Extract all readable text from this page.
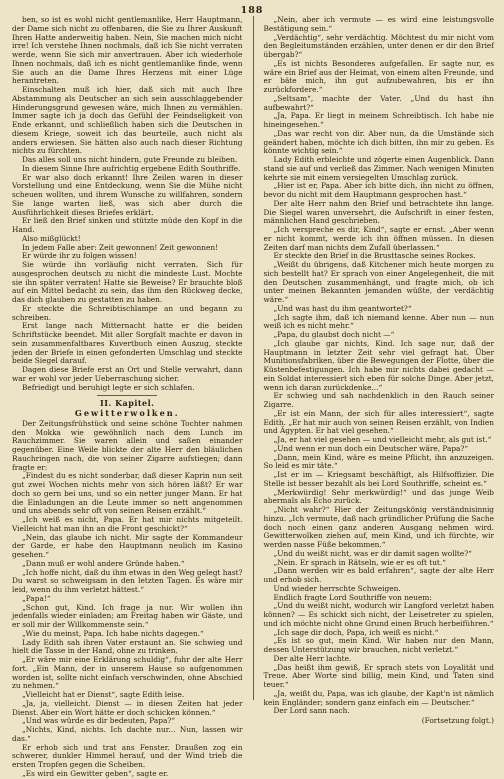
188

ben, so ist es wohl nicht gentlemanlike, Herr Hauptmann, der Dame sich nicht zu offenbaren, die Sie zu Ihrer Auskunft Ihren Hatte anderweitig haben. Nein, Sie machen mich nicht irre! Ich verstehe Ihnen nochmals, daß ich Sie nicht verraten werde, wenn Sie sich mir anvertrauen. Aber ich wiederhole Ihnen nochmals, daß ich es nicht gentlemanlike finde, wenn Sie auch an die Dame Ihres Herzens mit einer Lüge herantreten.

Einschalten muß ich hier, daß sich mit auch Ihre Abstammung als Deutscher an sich sein ausschlaggebender Hinderungsgrund gewesen wäre, mich Ihnen zu vermählen. Immer sagte ich ja doch das Gefühl der Feindseligkeit von Ende erkannt, und schließlich haben sich die Deutschen in diesem Kriege, soweit ich das beurteile, auch nicht als anders erwiesen. Sie hätten also auch nach dieser Richtung nichts zu fürchten.

Das alles soll uns nicht hindern, gute Freunde zu bleiben.

In diesem Sinne Ihre aufrichtig ergebene Edith Southriffe.

Er war also doch erkannt! Ihre Zeilen waren in dieser Vorstellung und eine Entdeckung, wenn Sie die Mühe nicht scheuen wollten, und ihrem Wunsche zu willfahren, sondern Sie lange warten ließ, was sich aber durch die Ausführlichkeit dieses Briefes erklärt.

Er ließ den Brief sinken und stützte müde den Kopf in die Hand.

Also mißglückt!

In jedem Falle aber: Zeit gewonnen! Zeit gewonnen!

Er würde ihr zu folgen wissen!

Sie würde ihn vorläufig nicht verraten. Sich für ausgesprochen deutsch zu nicht die mindeste Lust. Mochte sie ihn später verraten! Hatte sie Beweise? Er brauchte bloß auf ein Mittel bedacht zu sein, das ihm den Rückweg decke, das dich glauben zu gestatten zu haben.

Er steckte die Schreibtischlampe an und begann zu schreiben.

Erst lange nach Mitternacht hatte er die beiden Schriftstücke beendet. Mit aller Sorgfalt machte er davon in sein zusammenfaltbares Kuvertbuch einen Auszug, steckte jeden der Briefe in einen gefonderten Umschlag und steckte beide Siegel darauf.

Dagen diese Briefe erst an Ort und Stelle verwahrt, dann war er wohl vor jeder Ueberraschung sicher.

Befriedigt und beruhigt legte er sich schlafen.

II. Kapitel.
Gewitterwolken.

Der Zeitungsfrühstück und seine schöne Tochter nahmen den Mokka wie gewöhnlich nach dem Lunch im Rauchzimmer. Sie waren allein und saßen einander gegenüber. Eine Weile blickte der alte Herr den bläulichen Rauchringen nach, die von seiner Zigarre aufstiegen; dann fragte er:

„Findest du es nicht sonderbar, daß dieser Kaprin nun seit gut zwei Wochen nichts mehr von sich hören läßt? Er war doch so gern bei uns, und so ein netter junger Mann. Er hat die Einladungen an die Leute immer so nett angenommen und uns abends sehr oft von seinen Reisen erzählt.“

„Ich weiß es nicht, Papa. Er hat mir nichts mitgeteilt. Vielleicht hat man ihn an die Front geschickt?“

„Nein, das glaube ich nicht. Mir sagte der Kommandeur der Garde, er habe den Hauptmann neulich im Kasino gesehen.“

„Dann muß er wohl andere Gründe haben.“

„Ich hoffe nicht, daß du ihm etwas in den Weg gelegt hast? Du warst so schweigsam in den letzten Tagen. Es wäre mir leid, wenn du ihm verletzt hättest.“

„Papa!“

„Schon gut, Kind. Ich frage ja nur. Wir wollen ihn jedenfalls wieder einladen; am Freitag haben wir Gäste, und er soll mir der Willkommenste sein.“

„Wie du meinst, Papa. Ich habe nichts dagegen.“

Lady Edith sah ihren Vater erstaunt an. Sie schwieg und hielt die Tasse in der Hand, ohne zu trinken.

„Er wäre mir eine Erklärung schuldig“, fuhr der alte Herr fort. „Ein Mann, der in unserem Hause so aufgenommen worden ist, sollte nicht einfach verschwinden, ohne Abschied zu nehmen.“

„Vielleicht hat er Dienst“, sagte Edith leise.

„Ja, ja, vielleicht. Dienst — in diesen Zeiten hat jeder Dienst. Aber ein Wort hätte er doch schicken können.“

„Und was würde es dir bedeuten, Papa?“

„Nichts, Kind, nichts. Ich dachte nur... Nun, lassen wir das.“

Er erhob sich und trat ans Fenster. Draußen zog ein schwerer, dunkler Himmel herauf, und der Wind trieb die ersten Tropfen gegen die Scheiben.

„Es wird ein Gewitter geben“, sagte er.

„Nein, aber ich vermute — es wird eine leistungsvolle Bestätigung sein.“

„Verdächtig“, sehr verdächtig. Möchtest du mir nicht vom den Begleitumständen erzählen, unter denen er dir den Brief übergab?“

„Es ist nichts Besonderes aufgefallen. Er sagte nur, es wäre ein Brief aus der Heimat, von einem alten Freunde, und er bäte mich, ihn gut aufzubewahren, bis er ihn zurückfordere.“

„Seltsam“, machte der Vater. „Und du hast ihn aufbewahrt?“

„Ja, Papa. Er liegt in meinem Schreibtisch. Ich habe nie hineingesehen.“

„Das war recht von dir. Aber nun, da die Umstände sich geändert haben, möchte ich dich bitten, ihn mir zu geben. Es könnte wichtig sein.“

Lady Edith erbleichte und zögerte einen Augenblick. Dann stand sie auf und verließ das Zimmer. Nach wenigen Minuten kehrte sie mit einem versiegelten Umschlag zurück.

„Hier ist er, Papa. Aber ich bitte dich, ihn nicht zu öffnen, bevor du nicht mit dem Hauptmann gesprochen hast.“

Der alte Herr nahm den Brief und betrachtete ihn lange. Die Siegel waren unversehrt, die Aufschrift in einer festen, männlichen Hand geschrieben.

„Ich verspreche es dir, Kind“, sagte er ernst. „Aber wenn er nicht kommt, werde ich ihn öffnen müssen. In diesen Zeiten darf man nichts dem Zufall überlassen.“

Er steckte den Brief in die Brusttasche seines Rockes.

„Weißt du übrigens, daß Kitchener mich heute morgen zu sich bestellt hat? Er sprach von einer Angelegenheit, die mit den Deutschen zusammenhängt, und fragte mich, ob ich unter meinen Bekannten jemanden wüßte, der verdächtig wäre.“

„Und was hast du ihm geantwortet?“

„Ich sagte ihm, daß ich niemand kenne. Aber nun — nun weiß ich es nicht mehr.“

„Papa, du glaubst doch nicht —“

„Ich glaube gar nichts, Kind. Ich sage nur, daß der Hauptmann in letzter Zeit sehr viel gefragt hat. Über Munitionsfabriken, über die Bewegungen der Flotte, über die Küstenbefestigungen. Ich habe mir nichts dabei gedacht — ein Soldat interessiert sich eben für solche Dinge. Aber jetzt, wenn ich daran zurückdenke...“

Er schwieg und sah nachdenklich in den Rauch seiner Zigarre.

„Er ist ein Mann, der sich für alles interessiert“, sagte Edith. „Er hat mir auch von seinen Reisen erzählt, von Indien und Ägypten. Er hat viel gesehen.“

„Ja, er hat viel gesehen — und vielleicht mehr, als gut ist.“

„Und wenn er nun doch ein Deutscher wäre, Papa?“

„Dann, mein Kind, wäre es meine Pflicht, ihn anzuzeigen. So leid es mir täte.“

„Ist er im — Kriegsamt beschäftigt, als Hilfsoffizier. Die Stelle ist besser bezahlt als bei Lord Southriffe, scheint es.“

„Merkwürdig! Sehr merkwürdig!“ und das junge Weib abermals als Echo zurück.

„Nicht wahr?“ Hier der Zeitungskönig verständnisinnig hinzu. „Ich vermute, daß nach gründlicher Prüfung die Sache doch noch einen ganz anderen Ausgang nehmen wird. Gewitterwolken ziehen auf, mein Kind, und ich fürchte, wir werden nasse Füße bekommen.“

„Und du weißt nicht, was er dir damit sagen wollte?“

„Nein. Er sprach in Rätseln, wie er es oft tut.“

„Dann werden wir es bald erfahren“, sagte der alte Herr und erhob sich.

Und wieder herrschte Schweigen.

Endlich fragte Lord Southriffe von neuem:

„Und du weißt nicht, wodurch wir Langford verletzt haben können? — Es schickt sich nicht, der Leisetreter zu spielen, und ich möchte nicht ohne Grund einen Bruch herbeiführen.“

„Ich sage dir doch, Papa, ich weiß es nicht.“

„Es ist so gut, mein Kind. Wir haben nur den Mann, dessen Unterstützung wir brauchen, nicht verletzt.“

Der alte Herr lachte.

„Das heißt ihm gewiß, Er sprach stets von Loyalität und Treue. Aber Worte sind billig, mein Kind, und Taten sind teuer.“

„Ja, weißt du, Papa, was ich glaube, der Kapt'n ist nämlich kein Engländer; sondern ganz einfach ein — Deutscher.“

Der Lord sann nach.

(Fortsetzung folgt.)
